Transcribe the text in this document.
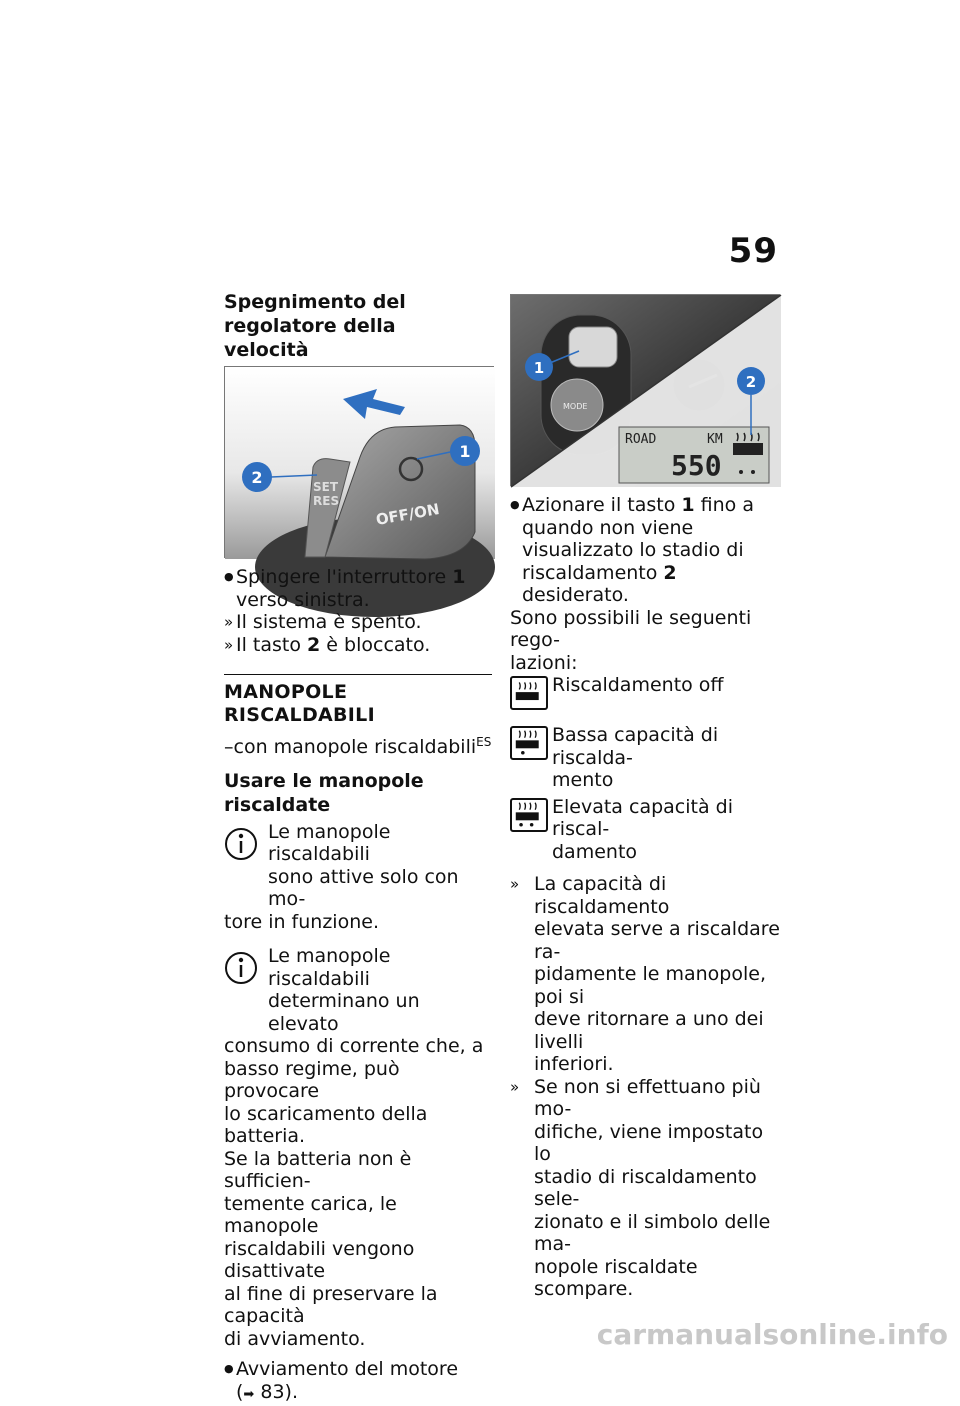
59
Spegnimento del regolatore della velocità
OFF/ON
SET
RES
2
1
● Spingere l'interruttore 1 verso sinistra.
» Il sistema è spento.
» Il tasto 2 è bloccato.
MANOPOLE RISCALDABILI
–con manopole riscaldabili$^{ES}$
Usare le manopole riscaldate
Le manopole riscaldabili
sono attive solo con mo-
tore in funzione.
Le manopole riscaldabili
determinano un elevato
consumo di corrente che, a
basso regime, può provocare
lo scaricamento della batteria.
Se la batteria non è sufficien-
temente carica, le manopole
riscaldabili vengono disattivate
al fine di preservare la capacità
di avviamento.
● Avviamento del motore
(➡ 83).
MODE
ROAD	KM
550
1
2
● Azionare il tasto 1 fino a quando non viene visualizzato lo stadio di riscaldamento 2 desiderato.
Sono possibili le seguenti rego-
lazioni:
Riscaldamento off
Bassa capacità di riscalda-
mento
Elevata capacità di riscal-
damento
» La capacità di riscaldamento
elevata serve a riscaldare ra-
pidamente le manopole, poi si
deve ritornare a uno dei livelli
inferiori.
» Se non si effettuano più mo-
difiche, viene impostato lo
stadio di riscaldamento sele-
zionato e il simbolo delle ma-
nopole riscaldate scompare.
carmanualsonline.info
